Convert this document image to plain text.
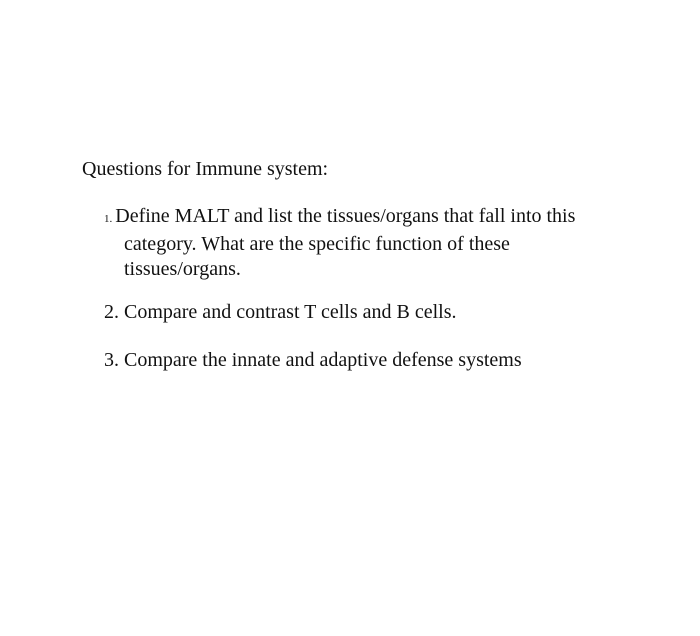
Questions for Immune system:
1. Define MALT and list the tissues/organs that fall into this
category. What are the specific function of these
tissues/organs.
2. Compare and contrast T cells and B cells.
3. Compare the innate and adaptive defense systems
